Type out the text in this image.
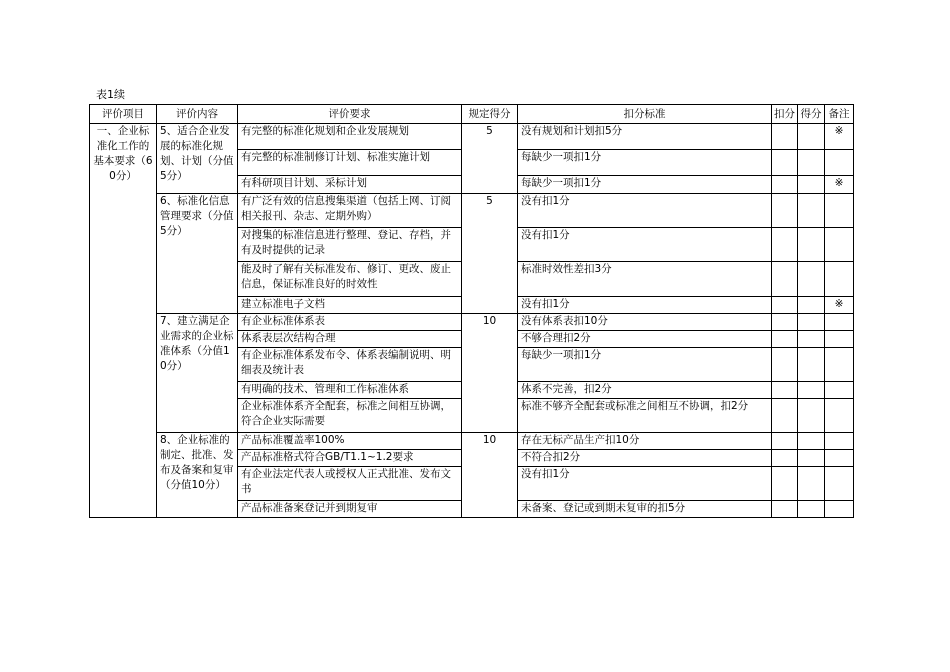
表1续
评价项目	评价内容	评价要求	规定得分	扣分标准	扣分	得分	备注
一、企业标准化工作的基本要求（60分）	5、适合企业发展的标准化规划、计划（分值5分）	有完整的标准化规划和企业发展规划	5	没有规划和计划扣5分			※
		有完整的标准制修订计划、标准实施计划		每缺少一项扣1分			
		有科研项目计划、采标计划		每缺少一项扣1分			※
	6、标准化信息管理要求（分值5分）	有广泛有效的信息搜集渠道（包括上网、订阅相关报刊、杂志、定期外购）	5	没有扣1分			
		对搜集的标准信息进行整理、登记、存档，并有及时提供的记录		没有扣1分			
		能及时了解有关标准发布、修订、更改、废止信息，保证标准良好的时效性		标准时效性差扣3分			
		建立标准电子文档		没有扣1分			※
	7、建立满足企业需求的企业标准体系（分值10分）	有企业标准体系表	10	没有体系表扣10分			
		体系表层次结构合理		不够合理扣2分			
		有企业标准体系发布令、体系表编制说明、明细表及统计表		每缺少一项扣1分			
		有明确的技术、管理和工作标准体系		体系不完善，扣2分			
		企业标准体系齐全配套，标准之间相互协调，符合企业实际需要		标准不够齐全配套或标准之间相互不协调，扣2分			
	8、企业标准的制定、批准、发布及备案和复审（分值10分）	产品标准覆盖率100%	10	存在无标产品生产扣10分			
		产品标准格式符合GB/T1.1~1.2要求		不符合扣2分			
		有企业法定代表人或授权人正式批准、发布文书		没有扣1分			
		产品标准备案登记并到期复审		未备案、登记或到期未复审的扣5分			
